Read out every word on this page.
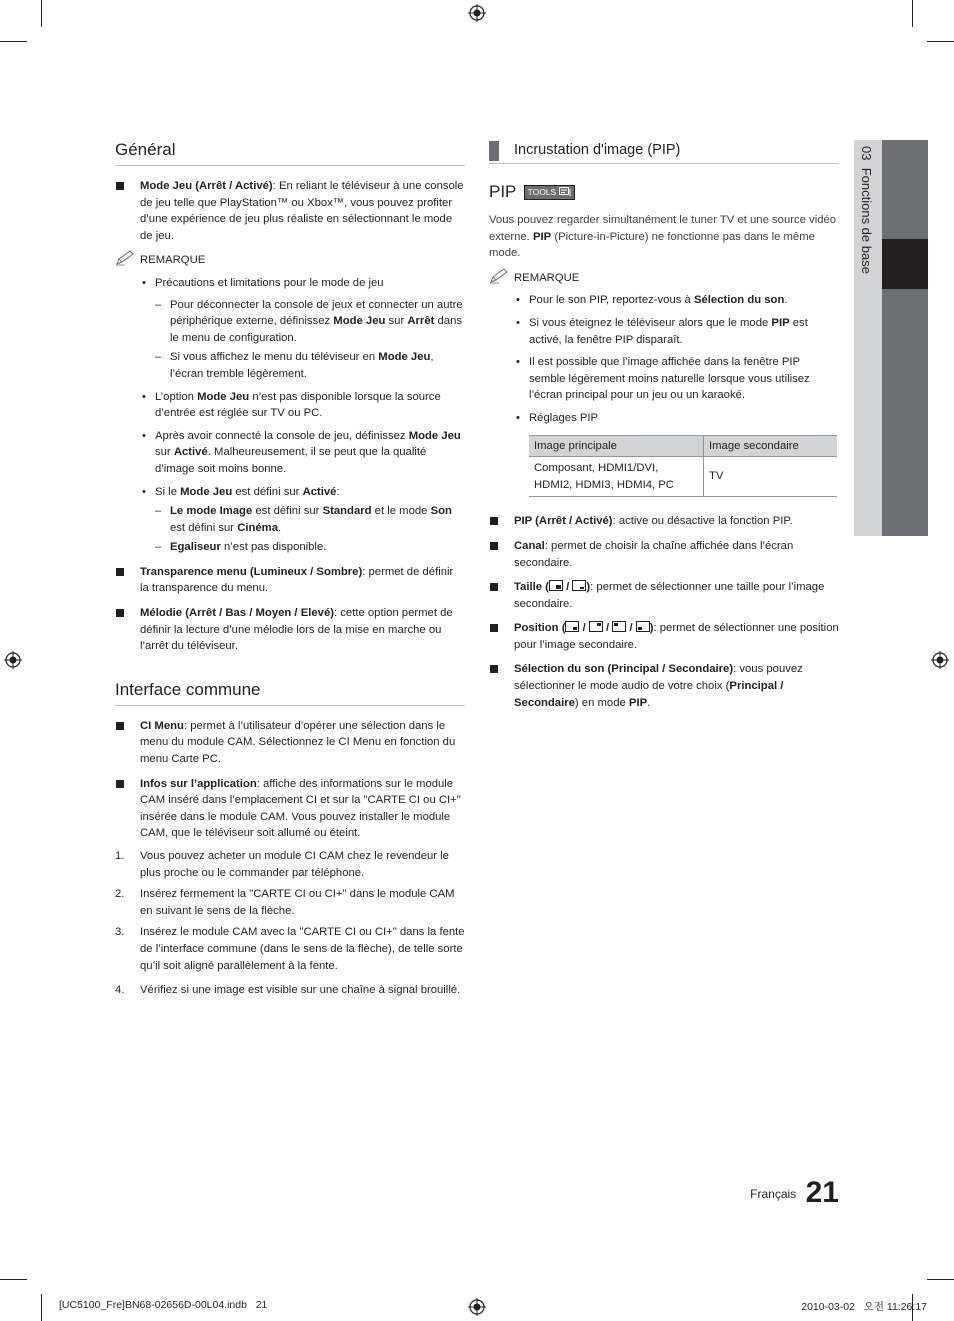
03  Fonctions de base
Général
Mode Jeu (Arrêt / Activé): En reliant le téléviseur à une console de jeu telle que PlayStation™ ou Xbox™, vous pouvez profiter d’une expérience de jeu plus réaliste en sélectionnant le mode de jeu.
REMARQUE
• Précautions et limitations pour le mode de jeu
– Pour déconnecter la console de jeux et connecter un autre périphérique externe, définissez Mode Jeu sur Arrêt dans le menu de configuration.
– Si vous affichez le menu du téléviseur en Mode Jeu, l’écran tremble légèrement.
• L’option Mode Jeu n’est pas disponible lorsque la source d’entrée est réglée sur TV ou PC.
• Après avoir connecté la console de jeu, définissez Mode Jeu sur Activé. Malheureusement, il se peut que la qualité d’image soit moins bonne.
• Si le Mode Jeu est défini sur Activé:
– Le mode Image est défini sur Standard et le mode Son est défini sur Cinéma.
– Egaliseur n’est pas disponible.
Transparence menu (Lumineux / Sombre): permet de définir la transparence du menu.
Mélodie (Arrêt / Bas / Moyen / Elevé): cette option permet de définir la lecture d’une mélodie lors de la mise en marche ou l’arrêt du téléviseur.
Interface commune
CI Menu: permet à l’utilisateur d’opérer une sélection dans le menu du module CAM. Sélectionnez le CI Menu en fonction du menu Carte PC.
Infos sur l’application: affiche des informations sur le module CAM inséré dans l’emplacement CI et sur la "CARTE CI ou CI+" insérée dans le module CAM. Vous pouvez installer le module CAM, que le téléviseur soit allumé ou éteint.
1. Vous pouvez acheter un module CI CAM chez le revendeur le plus proche ou le commander par téléphone.
2. Insérez fermement la "CARTE CI ou CI+" dans le module CAM en suivant le sens de la flèche.
3. Insérez le module CAM avec la "CARTE CI ou CI+" dans la fente de l’interface commune (dans le sens de la flèche), de telle sorte qu’il soit aligné parallèlement à la fente.
4. Vérifiez si une image est visible sur une chaîne à signal brouillé.
Incrustation d'image (PIP)
PIP TOOLS
Vous pouvez regarder simultanément le tuner TV et une source vidéo externe. PIP (Picture-in-Picture) ne fonctionne pas dans le même mode.
REMARQUE
• Pour le son PIP, reportez-vous à Sélection du son.
• Si vous éteignez le téléviseur alors que le mode PIP est activé, la fenêtre PIP disparaît.
• Il est possible que l’image affichée dans la fenêtre PIP semble légèrement moins naturelle lorsque vous utilisez l’écran principal pour un jeu ou un karaoké.
• Réglages PIP
Image principale	Image secondaire
Composant, HDMI1/DVI, HDMI2, HDMI3, HDMI4, PC	TV
PIP (Arrêt / Activé): active ou désactive la fonction PIP.
Canal: permet de choisir la chaîne affichée dans l’écran secondaire.
Taille (
/
): permet de sélectionner une taille pour l’image secondaire.
Position (
/
/
/
): permet de sélectionner une position pour l’image secondaire.
Sélection du son (Principal / Secondaire): vous pouvez sélectionner le mode audio de votre choix (Principal / Secondaire) en mode PIP.
$^{Français}$ 21
[UC5100_Fre]BN68-02656D-00L04.indb   21	2010-03-02   오전 11:26:17
